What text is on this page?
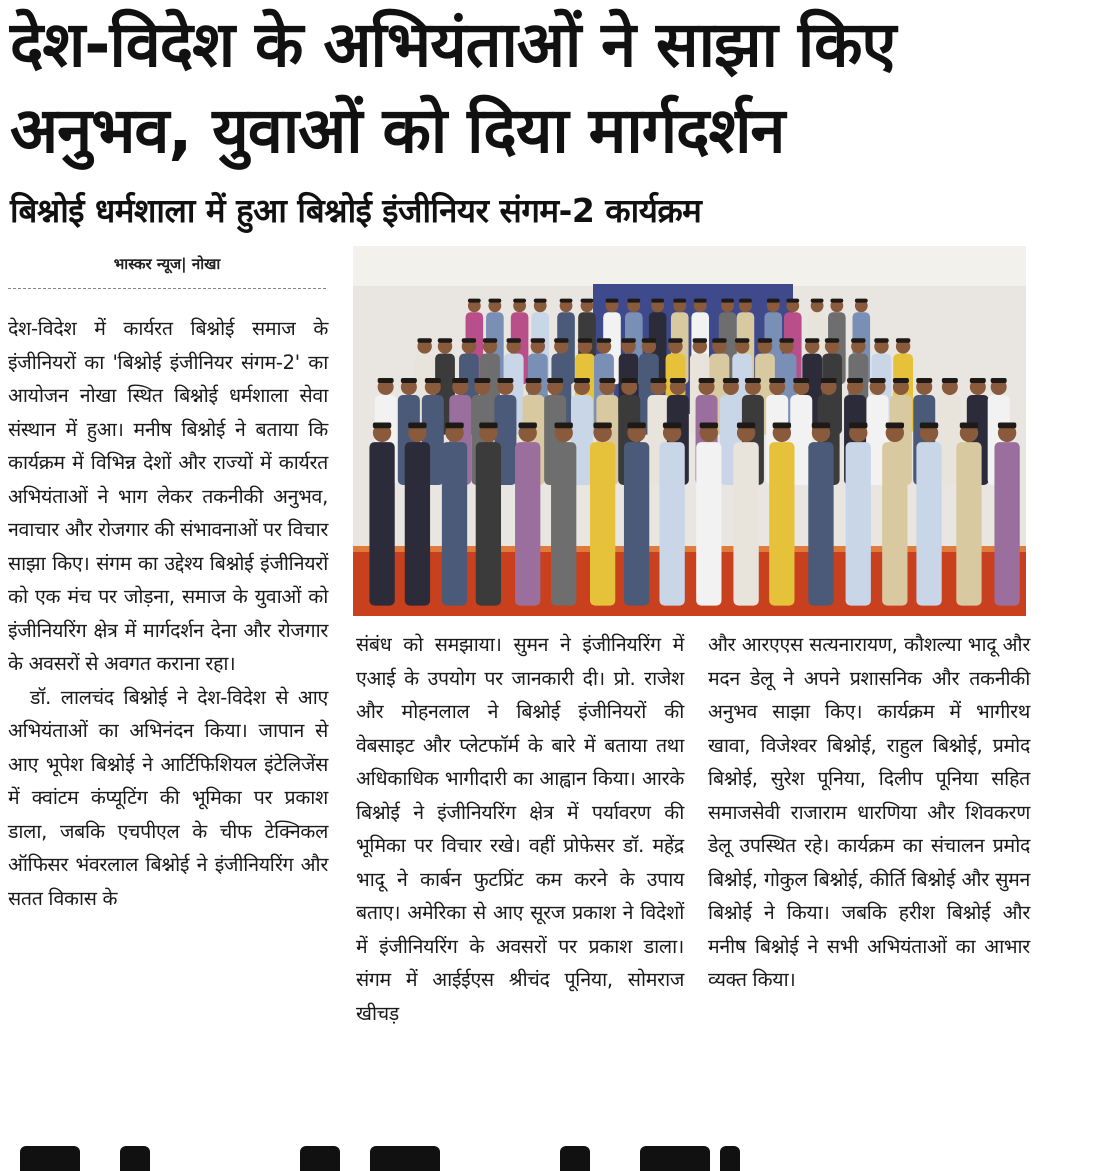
देश-विदेश के अभियंताओं ने साझा किए
अनुभव, युवाओं को दिया मार्गदर्शन
बिश्नोई धर्मशाला में हुआ बिश्नोई इंजीनियर संगम-2 कार्यक्रम
भास्कर न्यूज| नोखा

देश-विदेश में कार्यरत बिश्नोई समाज के इंजीनियरों का 'बिश्नोई इंजीनियर संगम-2' का आयोजन नोखा स्थित बिश्नोई धर्मशाला सेवा संस्थान में हुआ। मनीष बिश्नोई ने बताया कि कार्यक्रम में विभिन्न देशों और राज्यों में कार्यरत अभियंताओं ने भाग लेकर तकनीकी अनुभव, नवाचार और रोजगार की संभावनाओं पर विचार साझा किए। संगम का उद्देश्य बिश्नोई इंजीनियरों को एक मंच पर जोड़ना, समाज के युवाओं को इंजीनियरिंग क्षेत्र में मार्गदर्शन देना और रोजगार के अवसरों से अवगत कराना रहा।

डॉ. लालचंद बिश्नोई ने देश-विदेश से आए अभियंताओं का अभिनंदन किया। जापान से आए भूपेश बिश्नोई ने आर्टिफिशियल इंटेलिजेंस में क्वांटम कंप्यूटिंग की भूमिका पर प्रकाश डाला, जबकि एचपीएल के चीफ टेक्निकल ऑफिसर भंवरलाल बिश्नोई ने इंजीनियरिंग और सतत विकास के

संबंध को समझाया। सुमन ने इंजीनियरिंग में एआई के उपयोग पर जानकारी दी। प्रो. राजेश और मोहनलाल ने बिश्नोई इंजीनियरों की वेबसाइट और प्लेटफॉर्म के बारे में बताया तथा अधिकाधिक भागीदारी का आह्वान किया। आरके बिश्नोई ने इंजीनियरिंग क्षेत्र में पर्यावरण की भूमिका पर विचार रखे। वहीं प्रोफेसर डॉ. महेंद्र भादू ने कार्बन फुटप्रिंट कम करने के उपाय बताए। अमेरिका से आए सूरज प्रकाश ने विदेशों में इंजीनियरिंग के अवसरों पर प्रकाश डाला। संगम में आईईएस श्रीचंद पूनिया, सोमराज खीचड़

और आरएएस सत्यनारायण, कौशल्या भादू और मदन डेलू ने अपने प्रशासनिक और तकनीकी अनुभव साझा किए। कार्यक्रम में भागीरथ खावा, विजेश्वर बिश्नोई, राहुल बिश्नोई, प्रमोद बिश्नोई, सुरेश पूनिया, दिलीप पूनिया सहित समाजसेवी राजाराम धारणिया और शिवकरण डेलू उपस्थित रहे। कार्यक्रम का संचालन प्रमोद बिश्नोई, गोकुल बिश्नोई, कीर्ति बिश्नोई और सुमन बिश्नोई ने किया। जबकि हरीश बिश्नोई और मनीष बिश्नोई ने सभी अभियंताओं का आभार व्यक्त किया।
